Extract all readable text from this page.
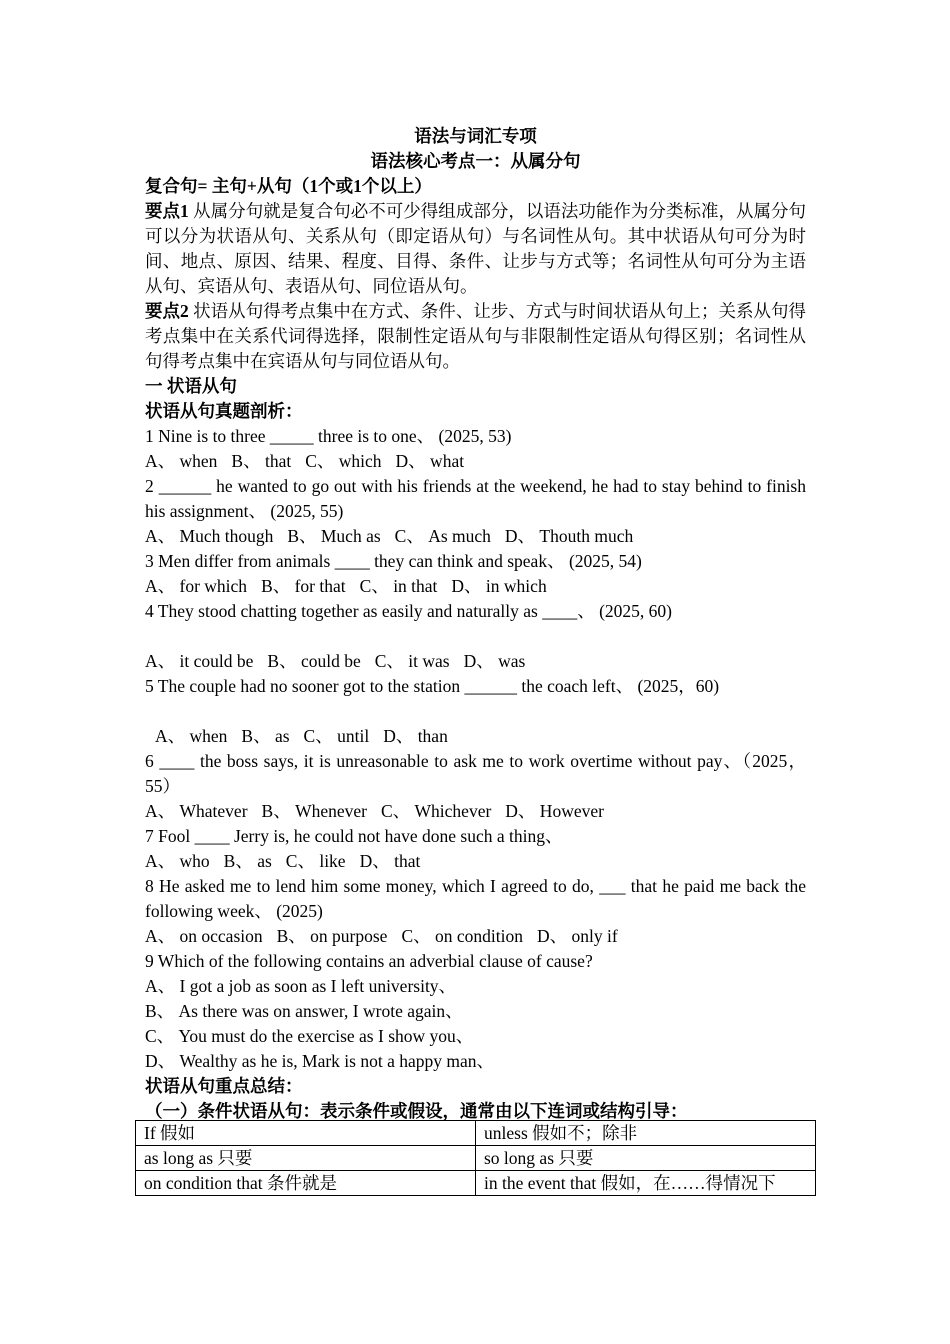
语法与词汇专项
语法核心考点一：从属分句
复合句= 主句+从句（1个或1个以上）
要点1 从属分句就是复合句必不可少得组成部分，以语法功能作为分类标准，从属分句可以分为状语从句、关系从句（即定语从句）与名词性从句。其中状语从句可分为时间、地点、原因、结果、程度、目得、条件、让步与方式等；名词性从句可分为主语从句、宾语从句、表语从句、同位语从句。
要点2 状语从句得考点集中在方式、条件、让步、方式与时间状语从句上；关系从句得考点集中在关系代词得选择，限制性定语从句与非限制性定语从句得区别；名词性从句得考点集中在宾语从句与同位语从句。
一 状语从句
状语从句真题剖析：
1 Nine is to three _____ three is to one、 (2025, 53)
A、 when B、 that C、 which D、 what
2 ______ he wanted to go out with his friends at the weekend, he had to stay behind to finish his assignment、 (2025, 55)
A、 Much though B、 Much as C、 As much D、 Thouth much
3 Men differ from animals ____ they can think and speak、 (2025, 54)
A、 for which B、 for that C、 in that D、 in which
4 They stood chatting together as easily and naturally as ____、 (2025, 60)
A、 it could be B、 could be C、 it was D、 was
5 The couple had no sooner got to the station ______ the coach left、 (2025，60)
A、 when B、 as C、 until D、 than
6 ____ the boss says, it is unreasonable to ask me to work overtime without pay、（2025，55）
A、 Whatever B、 Whenever C、 Whichever D、 However
7 Fool ____ Jerry is, he could not have done such a thing、
A、 who B、 as C、 like D、 that
8 He asked me to lend him some money, which I agreed to do, ___ that he paid me back the following week、 (2025)
A、 on occasion B、 on purpose C、 on condition D、 only if
9 Which of the following contains an adverbial clause of cause?
A、 I got a job as soon as I left university、
B、 As there was on answer, I wrote again、
C、 You must do the exercise as I show you、
D、 Wealthy as he is, Mark is not a happy man、
状语从句重点总结：
（一）条件状语从句：表示条件或假设，通常由以下连词或结构引导：
If 假如	unless 假如不；除非
as long as 只要	so long as 只要
on condition that 条件就是	in the event that 假如，在……得情况下
